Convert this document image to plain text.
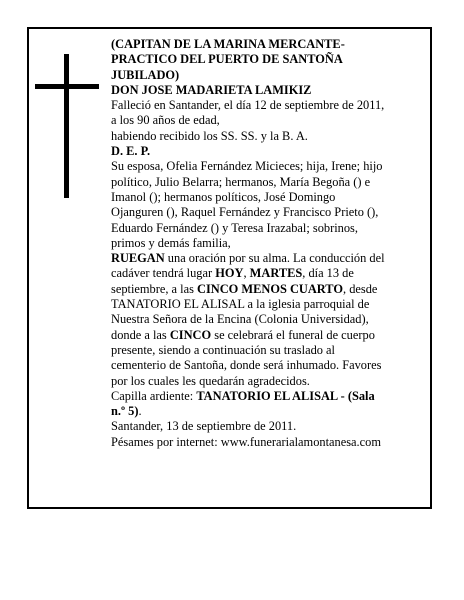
(CAPITAN DE LA MARINA MERCANTE-

PRACTICO DEL PUERTO DE SANTOÑA

JUBILADO)

DON JOSE MADARIETA LAMIKIZ

Falleció en Santander, el día 12 de septiembre de 2011,

a los 90 años de edad,

habiendo recibido los SS. SS. y la B. A.

D. E. P.

Su esposa, Ofelia Fernández Micieces; hija, Irene; hijo

político, Julio Belarra; hermanos, María Begoña () e

Imanol (); hermanos políticos, José Domingo

Ojanguren (), Raquel Fernández y Francisco Prieto (),

Eduardo Fernández () y Teresa Irazabal; sobrinos,

primos y demás familia,

RUEGAN una oración por su alma. La conducción del

cadáver tendrá lugar HOY, MARTES, día 13 de

septiembre, a las CINCO MENOS CUARTO, desde

TANATORIO EL ALISAL a la iglesia parroquial de

Nuestra Señora de la Encina (Colonia Universidad),

donde a las CINCO se celebrará el funeral de cuerpo

presente, siendo a continuación su traslado al

cementerio de Santoña, donde será inhumado. Favores

por los cuales les quedarán agradecidos.

Capilla ardiente: TANATORIO EL ALISAL - (Sala

n.º 5).

Santander, 13 de septiembre de 2011.

Pésames por internet: www.funerarialamontanesa.com
